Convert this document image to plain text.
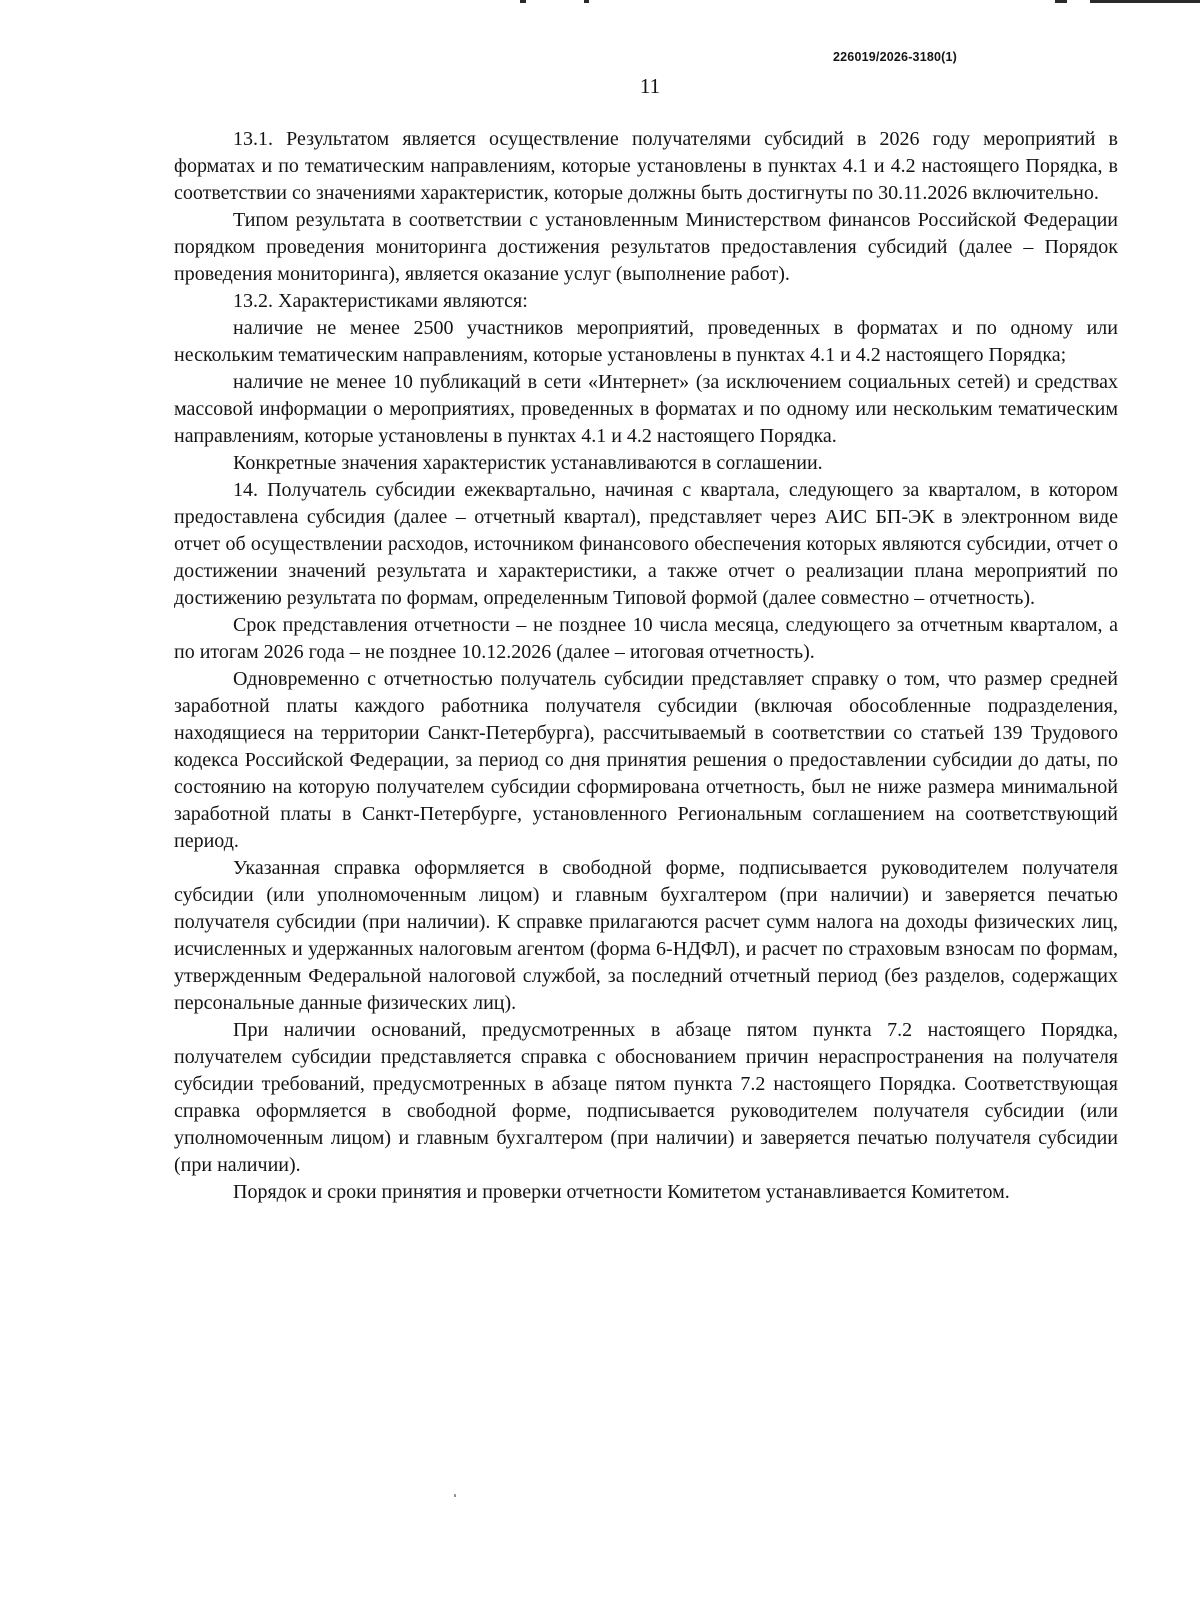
226019/2026-3180(1)
11

13.1. Результатом является осуществление получателями субсидий в 2026 году мероприятий в форматах и по тематическим направлениям, которые установлены в пунктах 4.1 и 4.2 настоящего Порядка, в соответствии со значениями характеристик, которые должны быть достигнуты по 30.11.2026 включительно.

Типом результата в соответствии с установленным Министерством финансов Российской Федерации порядком проведения мониторинга достижения результатов предоставления субсидий (далее – Порядок проведения мониторинга), является оказание услуг (выполнение работ).

13.2. Характеристиками являются:

наличие не менее 2500 участников мероприятий, проведенных в форматах и по одному или нескольким тематическим направлениям, которые установлены в пунктах 4.1 и 4.2 настоящего Порядка;

наличие не менее 10 публикаций в сети «Интернет» (за исключением социальных сетей) и средствах массовой информации о мероприятиях, проведенных в форматах и по одному или нескольким тематическим направлениям, которые установлены в пунктах 4.1 и 4.2 настоящего Порядка.

Конкретные значения характеристик устанавливаются в соглашении.

14. Получатель субсидии ежеквартально, начиная с квартала, следующего за кварталом, в котором предоставлена субсидия (далее – отчетный квартал), представляет через АИС БП-ЭК в электронном виде отчет об осуществлении расходов, источником финансового обеспечения которых являются субсидии, отчет о достижении значений результата и характеристики, а также отчет о реализации плана мероприятий по достижению результата по формам, определенным Типовой формой (далее совместно – отчетность).

Срок представления отчетности – не позднее 10 числа месяца, следующего за отчетным кварталом, а по итогам 2026 года – не позднее 10.12.2026 (далее – итоговая отчетность).

Одновременно с отчетностью получатель субсидии представляет справку о том, что размер средней заработной платы каждого работника получателя субсидии (включая обособленные подразделения, находящиеся на территории Санкт-Петербурга), рассчитываемый в соответствии со статьей 139 Трудового кодекса Российской Федерации, за период со дня принятия решения о предоставлении субсидии до даты, по состоянию на которую получателем субсидии сформирована отчетность, был не ниже размера минимальной заработной платы в Санкт-Петербурге, установленного Региональным соглашением на соответствующий период.

Указанная справка оформляется в свободной форме, подписывается руководителем получателя субсидии (или уполномоченным лицом) и главным бухгалтером (при наличии) и заверяется печатью получателя субсидии (при наличии). К справке прилагаются расчет сумм налога на доходы физических лиц, исчисленных и удержанных налоговым агентом (форма 6-НДФЛ), и расчет по страховым взносам по формам, утвержденным Федеральной налоговой службой, за последний отчетный период (без разделов, содержащих персональные данные физических лиц).

При наличии оснований, предусмотренных в абзаце пятом пункта 7.2 настоящего Порядка, получателем субсидии представляется справка с обоснованием причин нераспространения на получателя субсидии требований, предусмотренных в абзаце пятом пункта 7.2 настоящего Порядка. Соответствующая справка оформляется в свободной форме, подписывается руководителем получателя субсидии (или уполномоченным лицом) и главным бухгалтером (при наличии) и заверяется печатью получателя субсидии (при наличии).

Порядок и сроки принятия и проверки отчетности Комитетом устанавливается Комитетом.

ˌ
